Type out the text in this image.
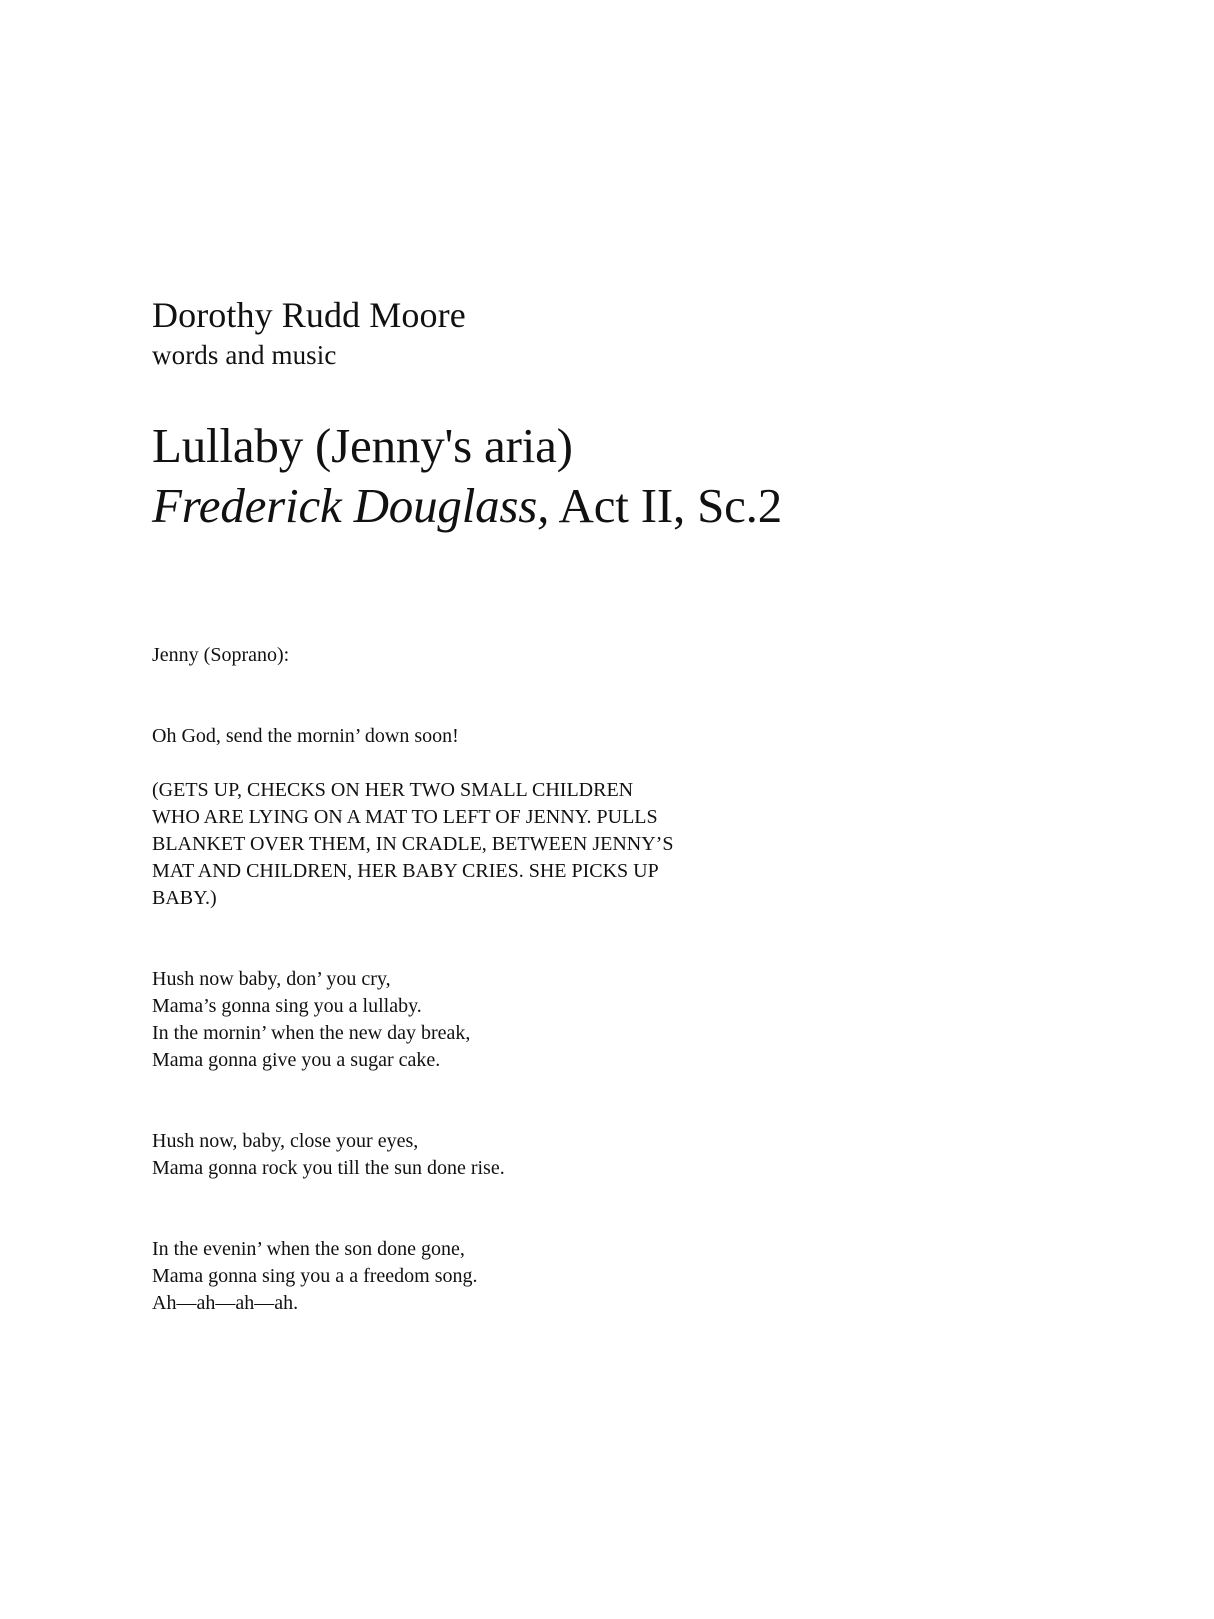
Dorothy Rudd Moore

words and music

Lullaby (Jenny's aria)

Frederick Douglass, Act II, Sc.2

Jenny (Soprano):

Oh God, send the mornin’ down soon!

(GETS UP, CHECKS ON HER TWO SMALL CHILDREN
WHO ARE LYING ON A MAT TO LEFT OF JENNY. PULLS
BLANKET OVER THEM, IN CRADLE, BETWEEN JENNY’S
MAT AND CHILDREN, HER BABY CRIES. SHE PICKS UP
BABY.)

Hush now baby, don’ you cry,
Mama’s gonna sing you a lullaby.
In the mornin’ when the new day break,
Mama gonna give you a sugar cake.

Hush now, baby, close your eyes,
Mama gonna rock you till the sun done rise.

In the evenin’ when the son done gone,
Mama gonna sing you a a freedom song.
Ah—ah—ah—ah.
